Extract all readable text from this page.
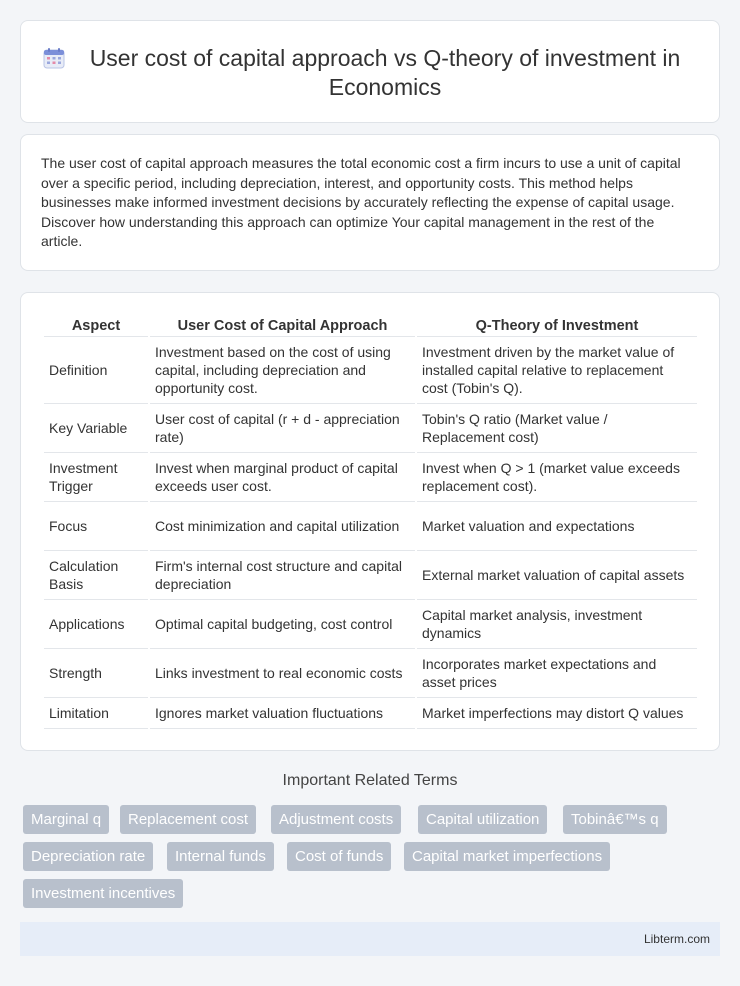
User cost of capital approach vs Q-theory of investment in Economics

The user cost of capital approach measures the total economic cost a firm incurs to use a unit of capital over a specific period, including depreciation, interest, and opportunity costs. This method helps businesses make informed investment decisions by accurately reflecting the expense of capital usage. Discover how understanding this approach can optimize Your capital management in the rest of the article.

Aspect	User Cost of Capital Approach	Q-Theory of Investment
Definition	Investment based on the cost of using capital, including depreciation and opportunity cost.	Investment driven by the market value of installed capital relative to replacement cost (Tobin's Q).
Key Variable	User cost of capital (r + d - appreciation rate)	Tobin's Q ratio (Market value / Replacement cost)
Investment Trigger	Invest when marginal product of capital exceeds user cost.	Invest when Q > 1 (market value exceeds replacement cost).
Focus	Cost minimization and capital utilization	Market valuation and expectations
Calculation Basis	Firm's internal cost structure and capital depreciation	External market valuation of capital assets
Applications	Optimal capital budgeting, cost control	Capital market analysis, investment dynamics
Strength	Links investment to real economic costs	Incorporates market expectations and asset prices
Limitation	Ignores market valuation fluctuations	Market imperfections may distort Q values
Important Related Terms
Marginal q	Replacement cost	Adjustment costs	Capital utilization	Tobinâ€™s q
Depreciation rate	Internal funds	Cost of funds	Capital market imperfections
Investment incentives
Libterm.com
